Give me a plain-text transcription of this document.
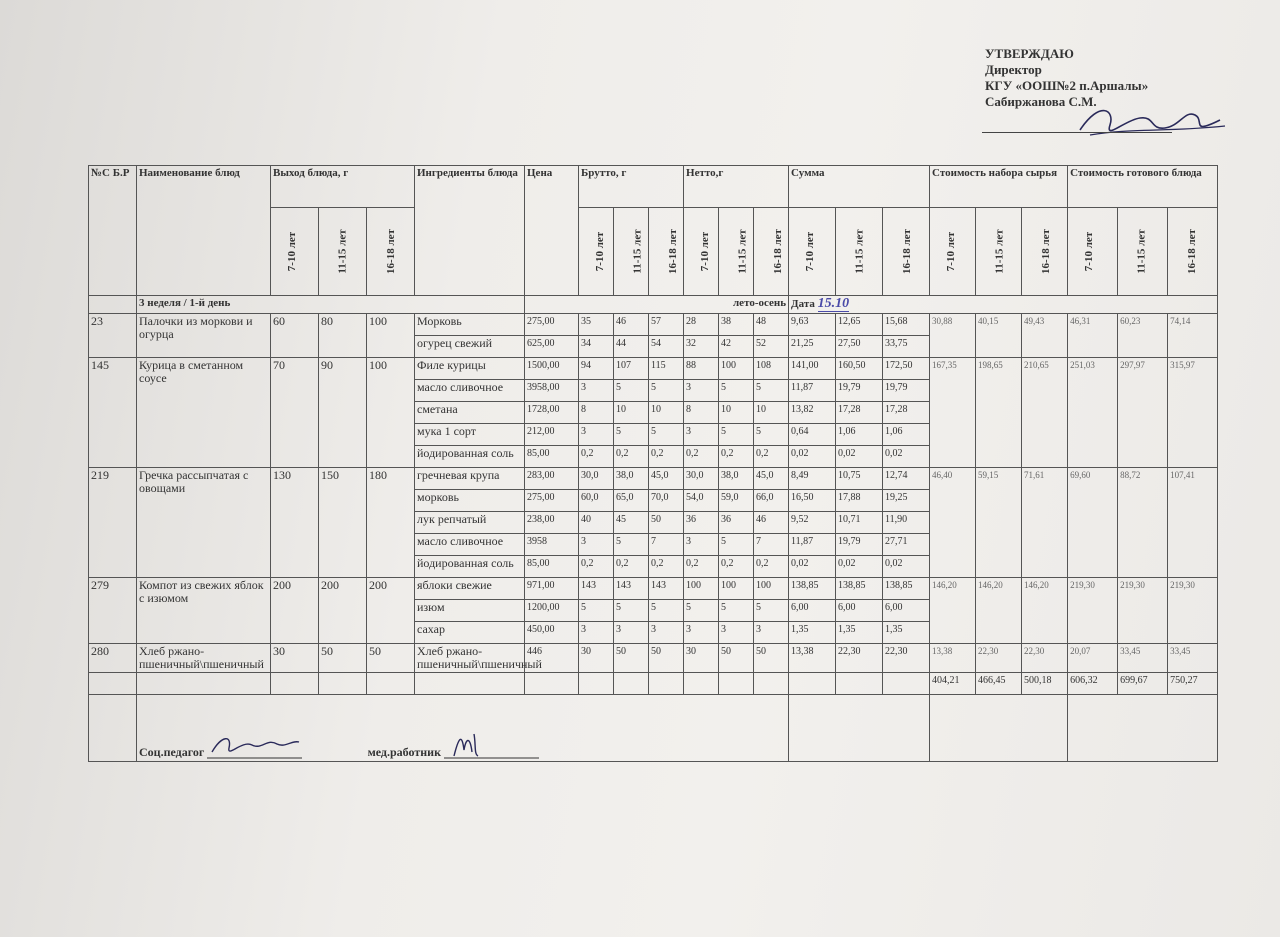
УТВЕРЖДАЮ
Директор
КГУ «ООШ№2 п.Аршалы»
Сабиржанова С.М.
№С Б.Р	Наименование блюд	Выход блюда, г			Ингредиенты блюда	Цена	Брутто, г			Нетто,г			Сумма			Стоимость набора сырья			Стоимость готового блюда		
		7-10 лет	11-15 лет	16-18 лет			7-10 лет	11-15 лет	16-18 лет	7-10 лет	11-15 лет	16-18 лет	7-10 лет	11-15 лет	16-18 лет	7-10 лет	11-15 лет	16-18 лет	7-10 лет	11-15 лет	16-18 лет
	3 неделя / 1-й день					лето-осень							Дата 15.10								
23	Палочки из моркови и огурца	60	80	100	Морковь	275,00	35	46	57	28	38	48	9,63	12,65	15,68	30,88	40,15	49,43	46,31	60,23	74,14
					огурец свежий	625,00	34	44	54	32	42	52	21,25	27,50	33,75						
145	Курица в сметанном соусе	70	90	100	Филе курицы	1500,00	94	107	115	88	100	108	141,00	160,50	172,50	167,35	198,65	210,65	251,03	297,97	315,97
					масло сливочное	3958,00	3	5	5	3	5	5	11,87	19,79	19,79						
					сметана	1728,00	8	10	10	8	10	10	13,82	17,28	17,28						
					мука 1 сорт	212,00	3	5	5	3	5	5	0,64	1,06	1,06						
					йодированная соль	85,00	0,2	0,2	0,2	0,2	0,2	0,2	0,02	0,02	0,02						
219	Гречка рассыпчатая с овощами	130	150	180	гречневая крупа	283,00	30,0	38,0	45,0	30,0	38,0	45,0	8,49	10,75	12,74	46,40	59,15	71,61	69,60	88,72	107,41
					морковь	275,00	60,0	65,0	70,0	54,0	59,0	66,0	16,50	17,88	19,25						
					лук репчатый	238,00	40	45	50	36	36	46	9,52	10,71	11,90						
					масло сливочное	3958	3	5	7	3	5	7	11,87	19,79	27,71						
					йодированная соль	85,00	0,2	0,2	0,2	0,2	0,2	0,2	0,02	0,02	0,02						
279	Компот из свежих яблок с изюмом	200	200	200	яблоки свежие	971,00	143	143	143	100	100	100	138,85	138,85	138,85	146,20	146,20	146,20	219,30	219,30	219,30
					изюм	1200,00	5	5	5	5	5	5	6,00	6,00	6,00						
					сахар	450,00	3	3	3	3	3	3	1,35	1,35	1,35						
280	Хлеб ржано-пшеничный\пшеничный	30	50	50	Хлеб ржано-пшеничный\пшеничный	446	30	50	50	30	50	50	13,38	22,30	22,30	13,38	22,30	22,30	20,07	33,45	33,45
																404,21	466,45	500,18	606,32	699,67	750,27
	Соц.педагог мед.работник																				
